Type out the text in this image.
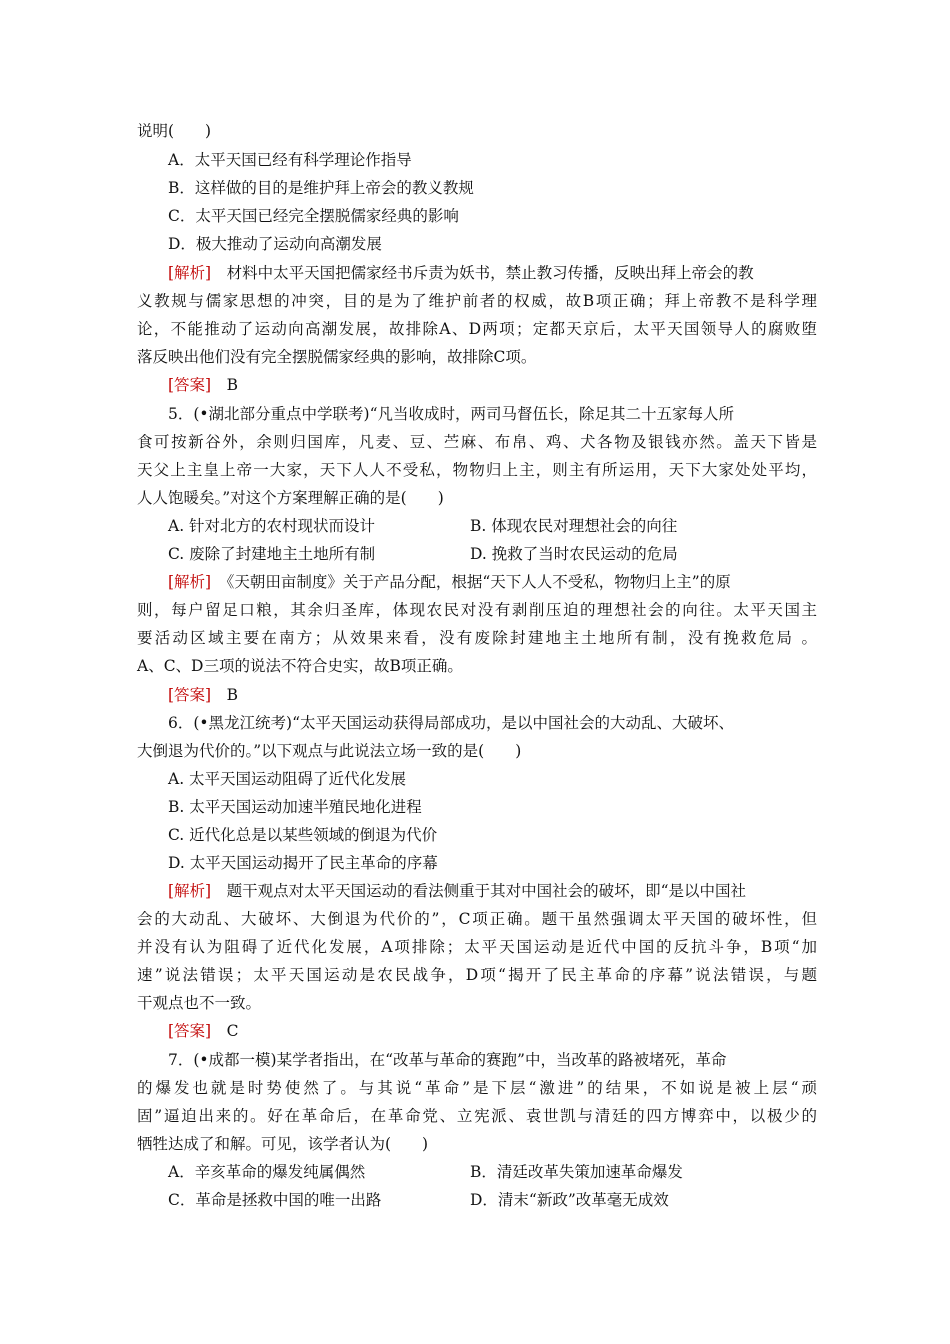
说明(　　)
A．太平天国已经有科学理论作指导
B．这样做的目的是维护拜上帝会的教义教规
C．太平天国已经完全摆脱儒家经典的影响
D．极大推动了运动向高潮发展
[解析]　材料中太平天国把儒家经书斥责为妖书，禁止教习传播，反映出拜上帝会的教
义教规与儒家思想的冲突，目的是为了维护前者的权威，故B项正确；拜上帝教不是科学理
论，不能推动了运动向高潮发展，故排除A、D两项；定都天京后，太平天国领导人的腐败堕
落反映出他们没有完全摆脱儒家经典的影响，故排除C项。
[答案]　B
5．(•湖北部分重点中学联考)“凡当收成时，两司马督伍长，除足其二十五家每人所
食可按新谷外，余则归国库，凡麦、豆、苎麻、布帛、鸡、犬各物及银钱亦然。盖天下皆是
天父上主皇上帝一大家，天下人人不受私，物物归上主，则主有所运用，天下大家处处平均，
人人饱暖矣。”对这个方案理解正确的是(　　)
A. 针对北方的农村现状而设计	B. 体现农民对理想社会的向往
C. 废除了封建地主土地所有制	D. 挽救了当时农民运动的危局
[解析]　《天朝田亩制度》关于产品分配，根据“天下人人不受私，物物归上主”的原
则，每户留足口粮，其余归圣库，体现农民对没有剥削压迫的理想社会的向往。太平天国主
要活动区域主要在南方；从效果来看，没有废除封建地主土地所有制，没有挽救危局 。
A、C、D三项的说法不符合史实，故B项正确。
[答案]　B
6．(•黑龙江统考)“太平天国运动获得局部成功，是以中国社会的大动乱、大破坏、
大倒退为代价的。”以下观点与此说法立场一致的是(　　)
A. 太平天国运动阻碍了近代化发展
B. 太平天国运动加速半殖民地化进程
C. 近代化总是以某些领域的倒退为代价
D. 太平天国运动揭开了民主革命的序幕
[解析]　题干观点对太平天国运动的看法侧重于其对中国社会的破坏，即“是以中国社
会的大动乱、大破坏、大倒退为代价的”，C项正确。题干虽然强调太平天国的破坏性，但
并没有认为阻碍了近代化发展，A项排除；太平天国运动是近代中国的反抗斗争，B项“加
速”说法错误；太平天国运动是农民战争，D项“揭开了民主革命的序幕”说法错误，与题
干观点也不一致。
[答案]　C
7．(•成都一模)某学者指出，在“改革与革命的赛跑”中，当改革的路被堵死，革命
的爆发也就是时势使然了。与其说“革命”是下层“激进”的结果，不如说是被上层“顽
固”逼迫出来的。好在革命后，在革命党、立宪派、袁世凯与清廷的四方博弈中，以极少的
牺牲达成了和解。可见，该学者认为(　　)
A．辛亥革命的爆发纯属偶然	B．清廷改革失策加速革命爆发
C．革命是拯救中国的唯一出路	D．清末“新政”改革毫无成效
